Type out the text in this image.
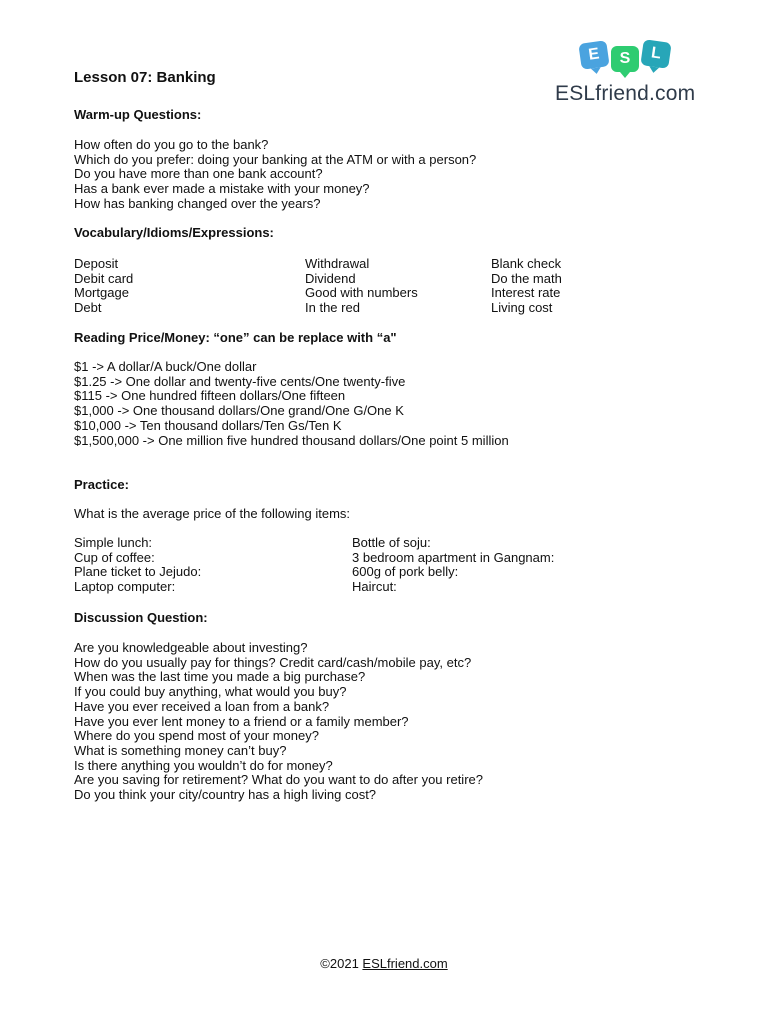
E	S	L
ESLfriend.com
Lesson 07: Banking
Warm-up Questions:
How often do you go to the bank?
Which do you prefer: doing your banking at the ATM or with a person?
Do you have more than one bank account?
Has a bank ever made a mistake with your money?
How has banking changed over the years?
Vocabulary/Idioms/Expressions:
Deposit
Debit card
Mortgage
Debt
Withdrawal
Dividend
Good with numbers
In the red
Blank check
Do the math
Interest rate
Living cost
Reading Price/Money: “one” can be replace with “a"
$1 -> A dollar/A buck/One dollar
$1.25 -> One dollar and twenty-five cents/One twenty-five
$115 -> One hundred fifteen dollars/One fifteen
$1,000 -> One thousand dollars/One grand/One G/One K
$10,000 -> Ten thousand dollars/Ten Gs/Ten K
$1,500,000 -> One million five hundred thousand dollars/One point 5 million
Practice:
What is the average price of the following items:
Simple lunch:
Cup of coffee:
Plane ticket to Jejudo:
Laptop computer:
Bottle of soju:
3 bedroom apartment in Gangnam:
600g of pork belly:
Haircut:
Discussion Question:
Are you knowledgeable about investing?
How do you usually pay for things? Credit card/cash/mobile pay, etc?
When was the last time you made a big purchase?
If you could buy anything, what would you buy?
Have you ever received a loan from a bank?
Have you ever lent money to a friend or a family member?
Where do you spend most of your money?
What is something money can’t buy?
Is there anything you wouldn’t do for money?
Are you saving for retirement? What do you want to do after you retire?
Do you think your city/country has a high living cost?
©2021 ESLfriend.com
